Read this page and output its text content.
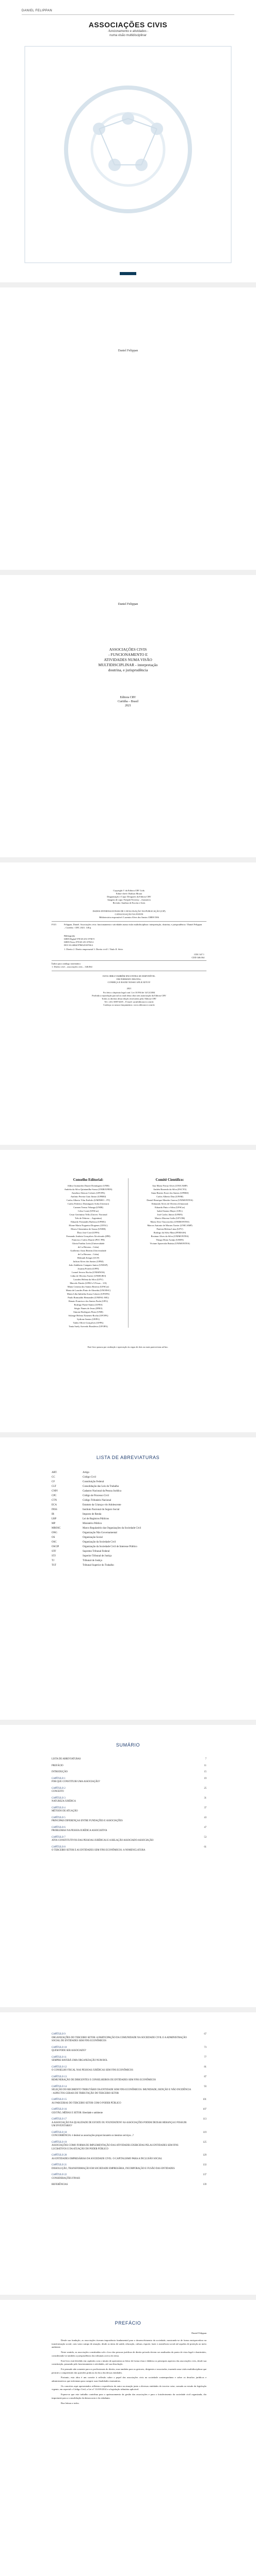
DANIEL FELIPPAN
ASSOCIAÇÕES CIVIS
-funcionamento e atividades -
numa visão multidisciplinar
Daniel Felippan
Daniel Felippan
ASSOCIAÇÕES CIVIS
- FUNCIONAMENTO E
ATIVIDADES NUMA VISÃO
MULTIDISCIPLINAR - interpretação
doutrina, e jurisprudência
Editora CRV
Curitiba – Brasil
2021
Copyright © da Editora CRV Ltda.
Editor-chefe: Railson Moura
Diagramação e Capa: Designers da Editora CRV
Imagem de capa: Freepik/Vecteezy – ilustrativa
Revisão: Analista de Escrita e Artes
DADOS INTERNACIONAIS DE CATALOGAÇÃO NA PUBLICAÇÃO (CIP)
CATALOGAÇÃO NA FONTE
Bibliotecária responsável: Luzenira Alves dos Santos CRB9/1506
F315	Felippan, Daniel. Associações civis: funcionamento e atividades numa visão multidisciplinar: interpretação, doutrina, e jurisprudência / Daniel Felippan – Curitiba : CRV, 2021. 140 p.
Bibliografia
ISBN Digital 978-65-251-0758-9
ISBN Físico 978-65-251-0760-2
DOI 10.24824/978652510760.2
1. Direito 2. Direito empresarial 3. Direito civil I. Título II. Série.
CDU 347 1
CDD 346.064
Índice para catálogo sistemático
1. Direito civil – associações civis – 346.064
ESTA OBRA TAMBÉM ENCONTRA-SE DISPONÍVEL
EM FORMATO DIGITAL.
CONHEÇA E BAIXE NOSSO APLICATIVO!
2021
Foi feito o depósito legal conf. Lei 10.994 de 14/12/2004
Proibida a reprodução parcial ou total desta obra sem autorização da Editora CRV
Todos os direitos desta edição reservados pela: Editora CRV
Tel.: (41) 3039-6418 – E-mail: sac@editoracrv.com.br
Conheça os nossos lançamentos: www.editoracrv.com.br
Conselho Editorial:
Aldira Guimarães Duarte Domínguez (UNB)
Andréia da Silva Quintanilha Sousa (UNIR/UFRN)
Anselmo Alencar Colares (UFOPA)
Antônio Pereira Gaio Júnior (UFRRJ)
Carlos Alberto Vilar Estêvão (UMINHO – PT)
Carlos Federico Dominguez Avila (Unieuro)
Carmen Tereza Velanga (UNIR)
Celso Conti (UFSCar)
Cesar Gerónimo Tello (Univer. Nacional
Três de Febrero – Argentina)
Eduardo Fernandes Barbosa (UFMG)
Elione Maria Nogueira Diogenes (UFAL)
Elizeu Clementino de Souza (UNEB)
Élsio José Corá (UFFS)
Fernando Antônio Gonçalves Alcoforado (IPB)
Francisco Carlos Duarte (PUC-PR)
Gloria Fariñas León (Universidade
de La Havana – Cuba)
Guillermo Arias Beatón (Universidade
de La Havana – Cuba)
Helmuth Krüger (UCP)
Jailson Alves dos Santos (UFRJ)
João Adalberto Campato Junior (UNESP)
Josania Portela (UFPI)
Leonel Severo Rocha (UNISINOS)
Lídia de Oliveira Xavier (UNIEURO)
Lourdes Helena da Silva (UFV)
Marcelo Paixão (UFRJ e UTexas – US)
Maria Cristina dos Santos Bezerra (UFSCar)
Maria de Lourdes Pinto de Almeida (UNOESC)
Maria Lília Imbiriba Sousa Colares (UFOPA)
Paulo Romualdo Hernandes (UNIFAL-MG)
Renato Francisco dos Santos Paula (UFG)
Rodrigo Pratte-Santos (UFES)
Sérgio Nunes de Jesus (IFRO)
Simone Rodrigues Pinto (UNB)
Solange Helena Ximenes-Rocha (UFOPA)
Sydione Santos (UEPG)
Tadeu Oliver Gonçalves (UFPA)
Tania Suely Azevedo Brasileiro (UFOPA)
Comitê Científico:
Ana Maria Ferraz Alves (UNICAMP)
Andréa Rosendo da Silva (FACTO)
Anna Beatriz Esser dos Santos (UFRRJ)
Carlos Alberto Dias (UFSM)
Daniel Henrique Mendes Guerra (UNIMONTES)
Edmundo Alves de Oliveira (Uniaraxá)
Eduardo Pinto e Silva (UFSCar)
Isabel Santos Mayer (UEL)
José Carlos Júnior (UFRN)
Marcio Moreno Gallo (UFVJM)
Maria Alice Vasconcelos (UNIMONTES)
Marcos Antonio de Moraes Xavier (UNICAMP)
Patrícia Helena Lima (UFV)
Rodrigo da Silva Maia (FEMASS)
Rosimar Alves da Silva (UNIMONTES)
Thiago Diniz Araújo (UERN)
Viviane Aparecida Batista (UNIMONTES)
Este livro passou por avaliação e aprovação às cegas de dois ou mais pareceristas ad hoc.
LISTA DE ABREVIATURAS
ART.	Artigo
CC	Código Civil
CF	Constituição Federal
CLT	Consolidação das Leis do Trabalho
CNPJ	Cadastro Nacional da Pessoa Jurídica
CPC	Código de Processo Civil
CTN	Código Tributário Nacional
ECA	Estatuto da Criança e do Adolescente
INSS	Instituto Nacional do Seguro Social
IR	Imposto de Renda
LRP	Lei de Registros Públicos
MP	Ministério Público
MROSC	Marco Regulatório das Organizações da Sociedade Civil
ONG	Organização Não Governamental
OS	Organização Social
OSC	Organização da Sociedade Civil
OSCIP	Organização da Sociedade Civil de Interesse Público
STF	Supremo Tribunal Federal
STJ	Superior Tribunal de Justiça
TJ	Tribunal de Justiça
TST	Tribunal Superior do Trabalho
SUMÁRIO
LISTA DE ABREVIATURAS	7
PREFÁCIO	11
INTRODUÇÃO	15
CAPÍTULO 1
POR QUE CONSTITUIR UMA ASSOCIAÇÃO?
19
CAPÍTULO 2
CONCEITO
25
CAPÍTULO 3
NATUREZA JURÍDICA
31
CAPÍTULO 4
MÉTODO DE ATUAÇÃO
37
CAPÍTULO 5
PRINCIPAIS DIFERENÇAS ENTRE FUNDAÇÕES E ASSOCIAÇÕES
43
CAPÍTULO 6
PROBLEMAS NA PESSOA JURÍDICA ASSOCIATIVA
47
CAPÍTULO 7
ATOS CONSTITUTIVOS DAS PESSOAS JURÍDICAS E A RELAÇÃO ASSOCIADO-ASSOCIAÇÃO
53
CAPÍTULO 8
O TERCEIRO SETOR E AS ENTIDADES SEM FINS ECONÔMICOS: A NOMENCLATURA
61
CAPÍTULO 9
ORGANIZAÇÕES DO TERCEIRO SETOR: A PARTICIPAÇÃO DA COMUNIDADE NA SOCIEDADE CIVIL E A ADMINISTRAÇÃO SOCIAL DE ENTIDADES SEM FINS ECONÔMICOS
67
CAPÍTULO 10
QUEM PODE SER ASSOCIADO?
73
CAPÍTULO 11
SEMPRE HAVERÁ UMA ORGANIZAÇÃO NUM ROL
77
CAPÍTULO 12
O CONSELHO FISCAL NAS PESSOAS JURÍDICAS SEM FINS ECONÔMICOS
81
CAPÍTULO 13
REMUNERAÇÃO DE DIRIGENTES E CONSELHEIROS DE ENTIDADES SEM FINS ECONÔMICOS
87
CAPÍTULO 14
SELEÇÃO DO REGIMENTO TRIBUTÁRIO DA ENTIDADE SEM FINS ECONÔMICOS: IMUNIDADE, ISENÇÃO E NÃO INCIDÊNCIA - ASPECTOS GERAIS DE TRIBUTAÇÃO DO TERCEIRO SETOR
93
CAPÍTULO 15
AS PARCERIAS DO TERCEIRO SETOR COM O PODER PÚBLICO
101
CAPÍTULO 16
GESTÃO, MÍDIAS E SETOR: liberdade e ambiente
107
CAPÍTULO 17
A ASSOCIAÇÃO NA QUALIDADE DE ESTATE OU FOUNDATION? AS ASSOCIAÇÕES PODEM DEIXAR HERANÇA E POSSUIR UM INVENTÁRIO?
113
CAPÍTULO 18
CONCORRÊNCIA: é desleal as associações proporcionarem os mesmos serviços...?
119
CAPÍTULO 19
ASSOCIAÇÕES COMO FORMA DE IMPLEMENTAÇÃO DAS ATIVIDADES EXERCIDAS PELAS ENTIDADES SEM FINS LUCRATIVOS E DA ATUAÇÃO DO PODER PÚBLICO
125
CAPÍTULO 20
AS ENTIDADES EMPRESÁRIAS DA SOCIEDADE CIVIL: O CAPITALISMO PARA A INCLUSÃO SOCIAL
129
CAPÍTULO 21
DISSOLUÇÃO, TRANSFORMAÇÃO EM SOCIEDADE EMPRESÁRIA, INCORPORAÇÃO E FUSÃO DAS ENTIDADES
133
CAPÍTULO 22
CONSIDERAÇÕES FINAIS
137
REFERÊNCIAS	139
PREFÁCIO
Daniel Felippan

Desde sua fundação, as associações tiveram importância fundamental para o desenvolvimento da sociedade, mostrando-se de forma enriquecedora na transformação social, com vasto campo de atuação, desde as áreas de saúde, educação, cultura, esporte, lazer e assistência social até aquelas de proteção ao meio ambiente.

Neste sentido, as associações constituídas sob o foco das pessoas jurídicas de direito privado devem ser analisadas do ponto de vista legal e doutrinário, considerando-se também a jurisprudência dos tribunais acerca do tema.

Este livro está dividido em capítulos com o intuito de apresentar ao leitor de forma clara e didática os principais aspectos das associações civis, desde sua constituição, passando pelo funcionamento e atividades, até sua dissolução.

Foi pensado não somente para os profissionais do direito, mas também para os gestores, dirigentes e associados, trazendo uma visão multidisciplinar que permite a compreensão das questões práticas do dia a dia dessas entidades.

Portanto, esta obra é um convite à reflexão sobre o papel das associações civis na sociedade contemporânea e sobre os desafios jurídicos e administrativos que enfrentam para cumprir suas finalidades estatutárias.

Os conceitos aqui apresentados refletem a experiência do autor na atuação junto a diversas entidades do terceiro setor, somada ao estudo da legislação vigente, em especial o Código Civil, a Lei nº 13.019/2014 e a legislação tributária aplicável.

Espera-se que este trabalho contribua para o aprimoramento da gestão das associações e para o fortalecimento da sociedade civil organizada, tão importante para a consolidação da democracia e da cidadania.

Boa leitura a todos.
